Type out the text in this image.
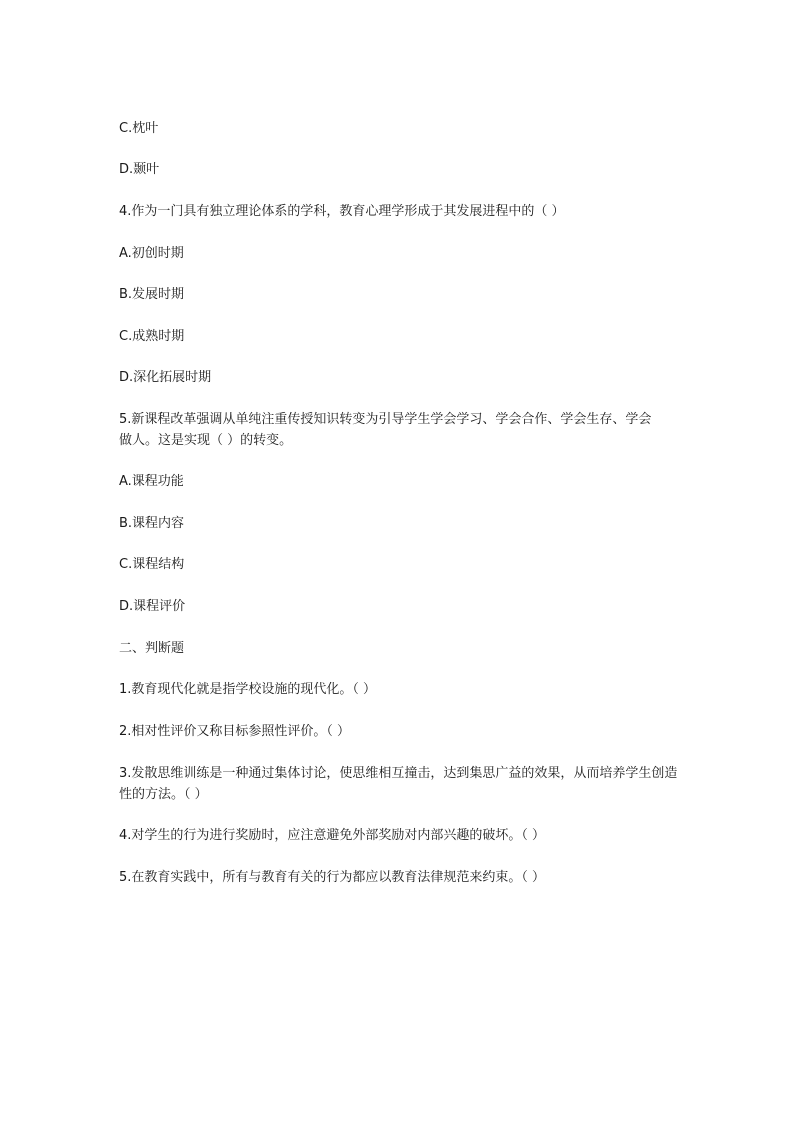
C.枕叶
D.颞叶
4.作为一门具有独立理论体系的学科，教育心理学形成于其发展进程中的（ ）
A.初创时期
B.发展时期
C.成熟时期
D.深化拓展时期
5.新课程改革强调从单纯注重传授知识转变为引导学生学会学习、学会合作、学会生存、学会做人。这是实现（ ）的转变。
A.课程功能
B.课程内容
C.课程结构
D.课程评价
二、判断题
1.教育现代化就是指学校设施的现代化。（ ）
2.相对性评价又称目标参照性评价。（ ）
3.发散思维训练是一种通过集体讨论，使思维相互撞击，达到集思广益的效果，从而培养学生创造性的方法。（ ）
4.对学生的行为进行奖励时，应注意避免外部奖励对内部兴趣的破坏。（ ）
5.在教育实践中，所有与教育有关的行为都应以教育法律规范来约束。（ ）
